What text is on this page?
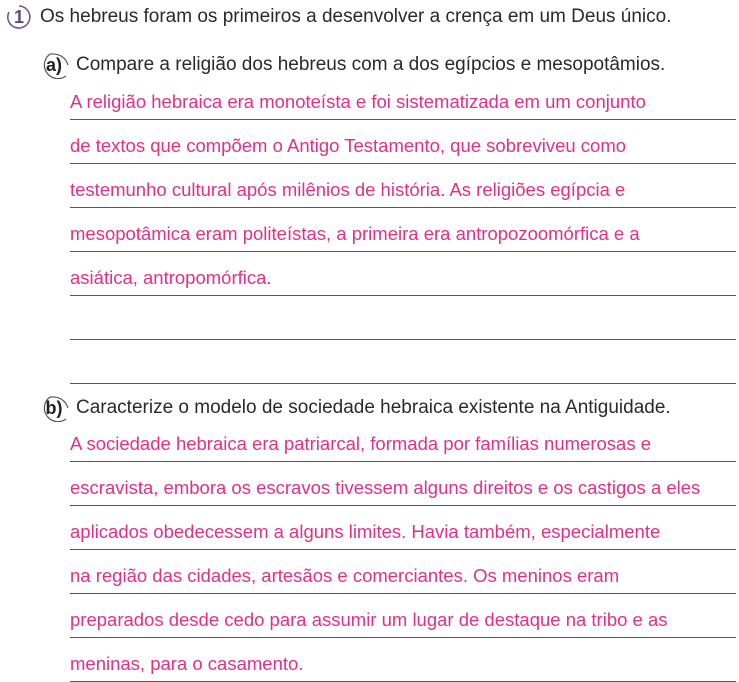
1 Os hebreus foram os primeiros a desenvolver a crença em um Deus único.
a) Compare a religião dos hebreus com a dos egípcios e mesopotâmios.
A religião hebraica era monoteísta e foi sistematizada em um conjunto
de textos que compõem o Antigo Testamento, que sobreviveu como
testemunho cultural após milênios de história. As religiões egípcia e
mesopotâmica eram politeístas, a primeira era antropozoomórfica e a
asiática, antropomórfica.
b) Caracterize o modelo de sociedade hebraica existente na Antiguidade.
A sociedade hebraica era patriarcal, formada por famílias numerosas e
escravista, embora os escravos tivessem alguns direitos e os castigos a eles
aplicados obedecessem a alguns limites. Havia também, especialmente
na região das cidades, artesãos e comerciantes. Os meninos eram
preparados desde cedo para assumir um lugar de destaque na tribo e as
meninas, para o casamento.
